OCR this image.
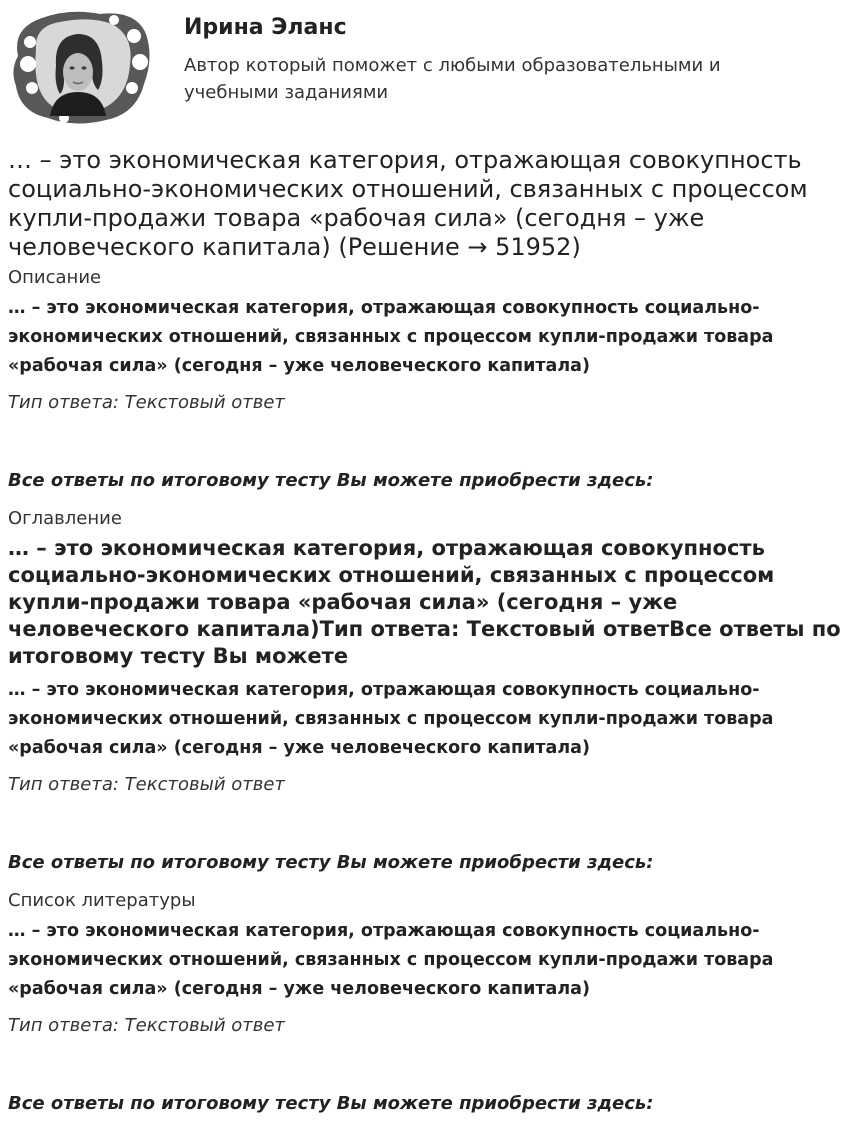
Ирина Эланс
Автор который поможет с любыми образовательными и учебными заданиями
… – это экономическая категория, отражающая совокупность социально-экономических отношений, связанных с процессом купли-продажи товара «рабочая сила» (сегодня – уже человеческого капитала) (Решение → 51952)
Описание

… – это экономическая категория, отражающая совокупность социально-экономических отношений, связанных с процессом купли-продажи товара «рабочая сила» (сегодня – уже человеческого капитала)

Тип ответа: Текстовый ответ
Все ответы по итоговому тесту Вы можете приобрести здесь:
Оглавление
… – это экономическая категория, отражающая совокупность социально-экономических отношений, связанных с процессом купли-продажи товара «рабочая сила» (сегодня – уже человеческого капитала)Тип ответа: Текстовый ответВсе ответы по итоговому тесту Вы можете

… – это экономическая категория, отражающая совокупность социально-экономических отношений, связанных с процессом купли-продажи товара «рабочая сила» (сегодня – уже человеческого капитала)

Тип ответа: Текстовый ответ
Все ответы по итоговому тесту Вы можете приобрести здесь:
Список литературы

… – это экономическая категория, отражающая совокупность социально-экономических отношений, связанных с процессом купли-продажи товара «рабочая сила» (сегодня – уже человеческого капитала)

Тип ответа: Текстовый ответ
Все ответы по итоговому тесту Вы можете приобрести здесь:
